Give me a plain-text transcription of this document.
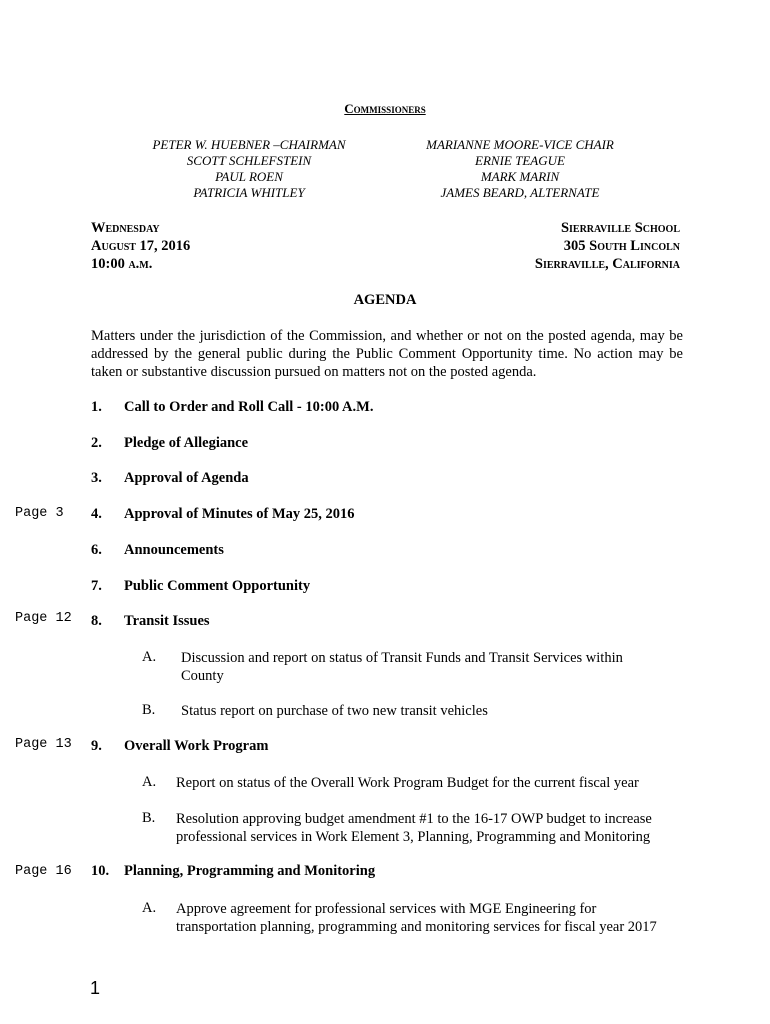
Commissioners
PETER W. HUEBNER –CHAIRMAN
SCOTT SCHLEFSTEIN
PAUL ROEN
PATRICIA WHITLEY
MARIANNE MOORE-VICE CHAIR
ERNIE TEAGUE
MARK MARIN
JAMES BEARD, ALTERNATE
Wednesday
August 17, 2016
10:00 a.m.
Sierraville School
305 South Lincoln
Sierraville, California
AGENDA
Matters under the jurisdiction of the Commission, and whether or not on the posted agenda, may be addressed by the general public during the Public Comment Opportunity time. No action may be taken or substantive discussion pursued on matters not on the posted agenda.
1. Call to Order and Roll Call - 10:00 A.M.
2. Pledge of Allegiance
3. Approval of Agenda
Page 3 4. Approval of Minutes of May 25, 2016
6. Announcements
7. Public Comment Opportunity
Page 12 8. Transit Issues
A. Discussion and report on status of Transit Funds and Transit Services within
County
B. Status report on purchase of two new transit vehicles
Page 13 9. Overall Work Program
A. Report on status of the Overall Work Program Budget for the current fiscal year
B. Resolution approving budget amendment #1 to the 16-17 OWP budget to increase
professional services in Work Element 3, Planning, Programming and Monitoring
Page 16 10. Planning, Programming and Monitoring
A. Approve agreement for professional services with MGE Engineering for
transportation planning, programming and monitoring services for fiscal year 2017
1
